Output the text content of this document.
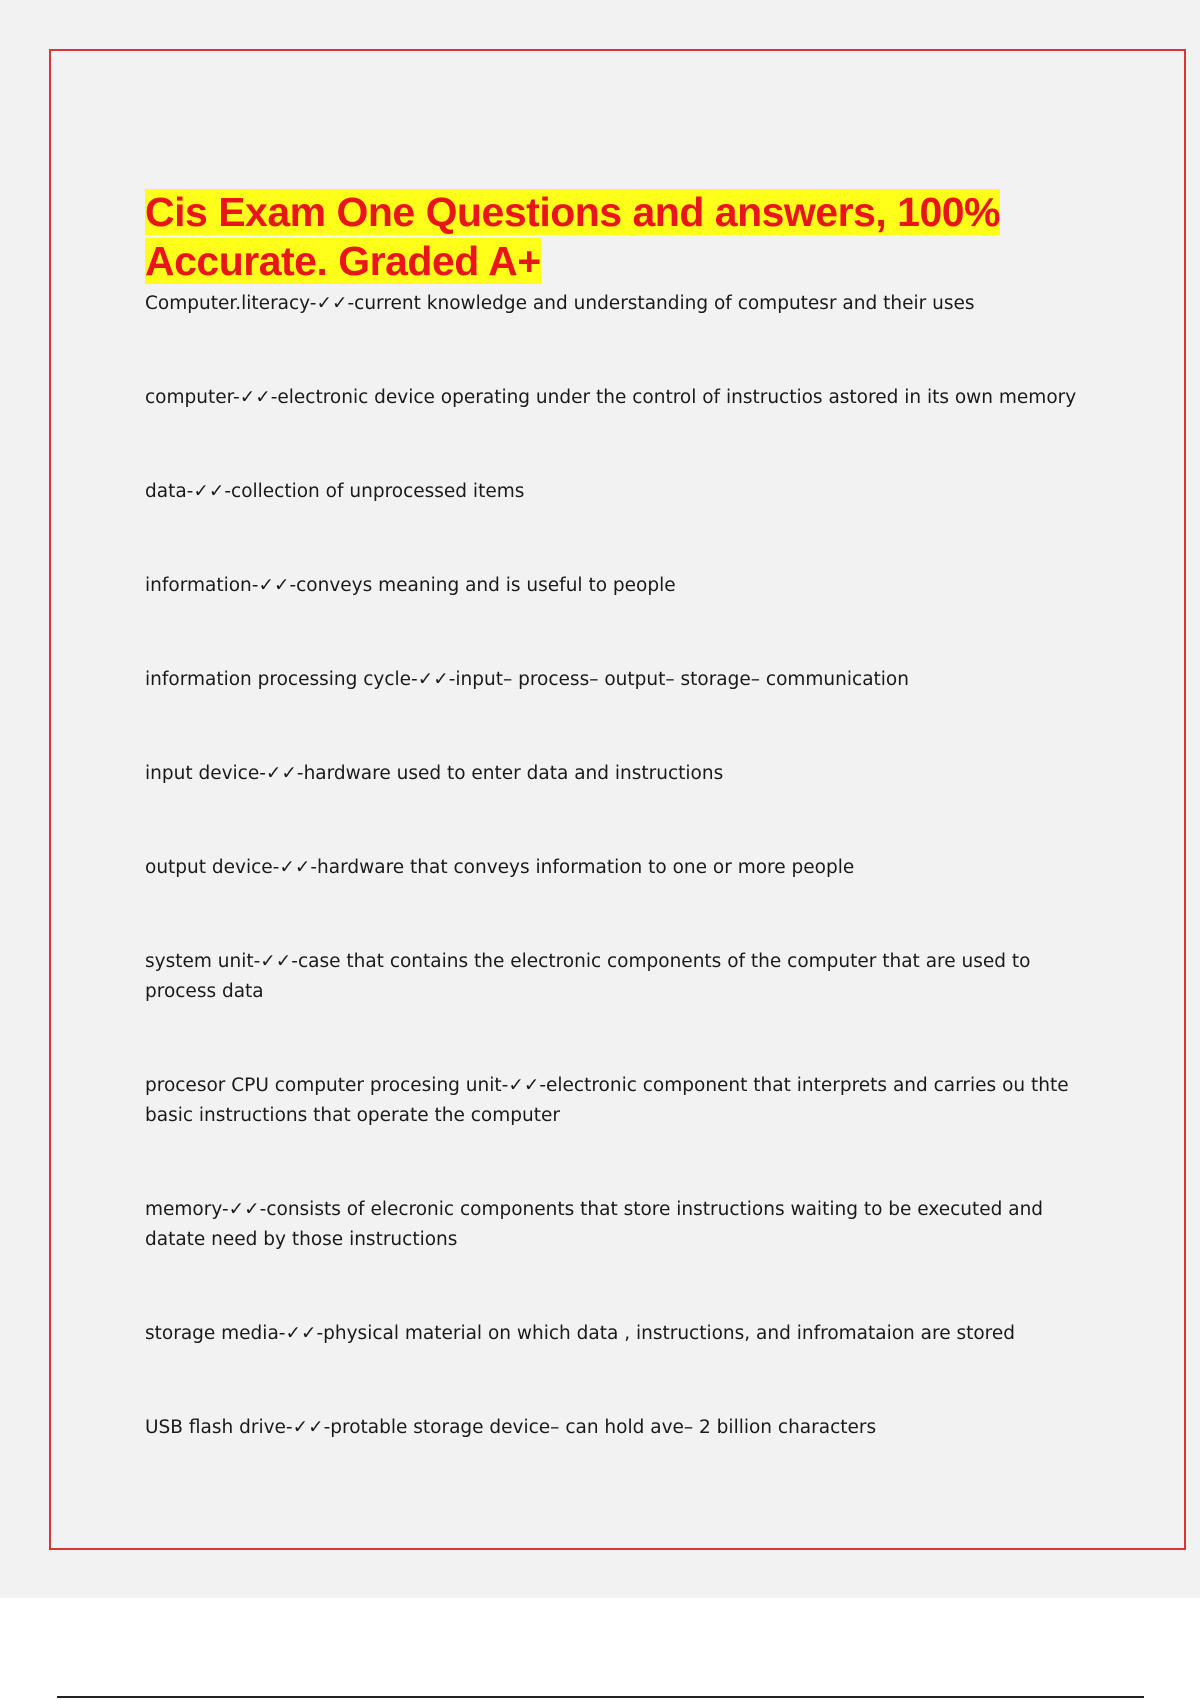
Cis Exam One Questions and answers, 100%
Accurate. Graded A+
Computer.literacy-✓✓-current knowledge and understanding of computesr and their uses
computer-✓✓-electronic device operating under the control of instructios astored in its own memory
data-✓✓-collection of unprocessed items
information-✓✓-conveys meaning and is useful to people
information processing cycle-✓✓-input– process– output– storage– communication
input device-✓✓-hardware used to enter data and instructions
output device-✓✓-hardware that conveys information to one or more people
system unit-✓✓-case that contains the electronic components of the computer that are used to process data
procesor CPU computer procesing unit-✓✓-electronic component that interprets and carries ou thte basic instructions that operate the computer
memory-✓✓-consists of elecronic components that store instructions waiting to be executed and datate need by those instructions
storage media-✓✓-physical material on which data , instructions, and infromataion are stored
USB flash drive-✓✓-protable storage device– can hold ave– 2 billion characters
